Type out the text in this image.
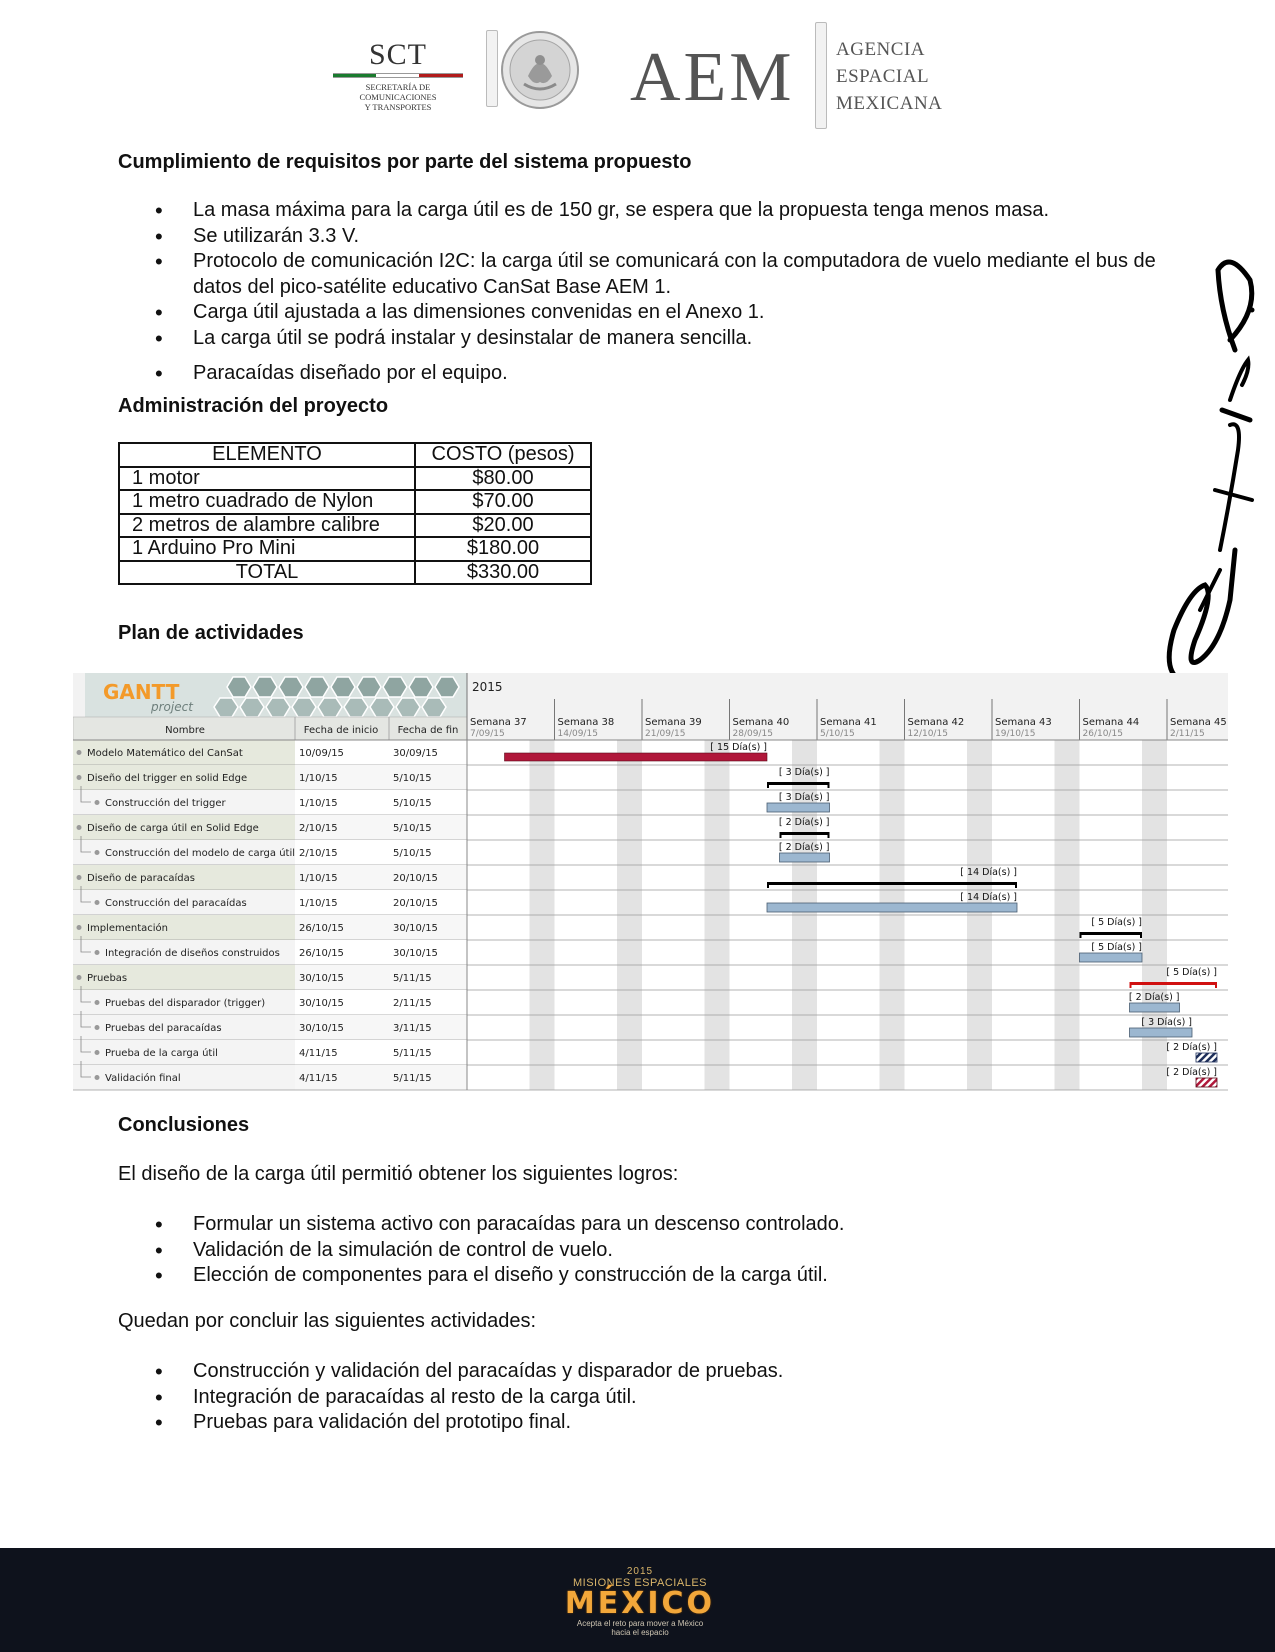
SCT
SECRETARÍA DE
COMUNICACIONES
Y TRANSPORTES	AEM AGENCIA
ESPACIAL
MEXICANA
Cumplimiento de requisitos por parte del sistema propuesto
• La masa máxima para la carga útil es de 150 gr, se espera que la propuesta tenga menos masa.
• Se utilizarán 3.3 V.
• Protocolo de comunicación I2C: la carga útil se comunicará con la computadora de vuelo mediante el bus de datos del pico-satélite educativo CanSat Base AEM 1.
• Carga útil ajustada a las dimensiones convenidas en el Anexo 1.
• La carga útil se podrá instalar y desinstalar de manera sencilla.
• Paracaídas diseñado por el equipo.
Administración del proyecto
ELEMENTO	COSTO (pesos)
1 motor	$80.00
1 metro cuadrado de Nylon	$70.00
2 metros de alambre calibre	$20.00
1 Arduino Pro Mini	$180.00
TOTAL	$330.00
Plan de actividades
GANTT
project
2015
Nombre	Fecha de inicio Fecha de fin
Semana 37
7/09/15
Semana 38
14/09/15
Semana 39
21/09/15
Semana 40
28/09/15
Semana 41
5/10/15
Semana 42
12/10/15
Semana 43
19/10/15
Semana 44
26/10/15
Semana 45
2/11/15
Modelo Matemático del CanSat	10/09/15	30/09/15
[ 15 Día(s) ]
Diseño del trigger en solid Edge	1/10/15	5/10/15
[ 3 Día(s) ]
Construcción del trigger	1/10/15	5/10/15
[ 3 Día(s) ]
Diseño de carga útil en Solid Edge	2/10/15	5/10/15
[ 2 Día(s) ]
Construcción del modelo de carga útil 2/10/15	5/10/15
[ 2 Día(s) ]
Diseño de paracaídas	1/10/15	20/10/15
[ 14 Día(s) ]
Construcción del paracaídas	1/10/15	20/10/15
[ 14 Día(s) ]
Implementación	26/10/15	30/10/15
[ 5 Día(s) ]
Integración de diseños construidos 26/10/15	30/10/15
[ 5 Día(s) ]
Pruebas	30/10/15	5/11/15
[ 5 Día(s) ]
Pruebas del disparador (trigger)	30/10/15	2/11/15
[ 2 Día(s) ]
Pruebas del paracaídas	30/10/15	3/11/15
[ 3 Día(s) ]
Prueba de la carga útil	4/11/15	5/11/15
[ 2 Día(s) ]
Validación final	4/11/15	5/11/15
[ 2 Día(s) ]
Conclusiones
El diseño de la carga útil permitió obtener los siguientes logros:
• Formular un sistema activo con paracaídas para un descenso controlado.
• Validación de la simulación de control de vuelo.
• Elección de componentes para el diseño y construcción de la carga útil.
Quedan por concluir las siguientes actividades:
• Construcción y validación del paracaídas y disparador de pruebas.
• Integración de paracaídas al resto de la carga útil.
• Pruebas para validación del prototipo final.
2015
MISIONES ESPACIALES
MÉXICO
Acepta el reto para mover a México
hacia el espacio
